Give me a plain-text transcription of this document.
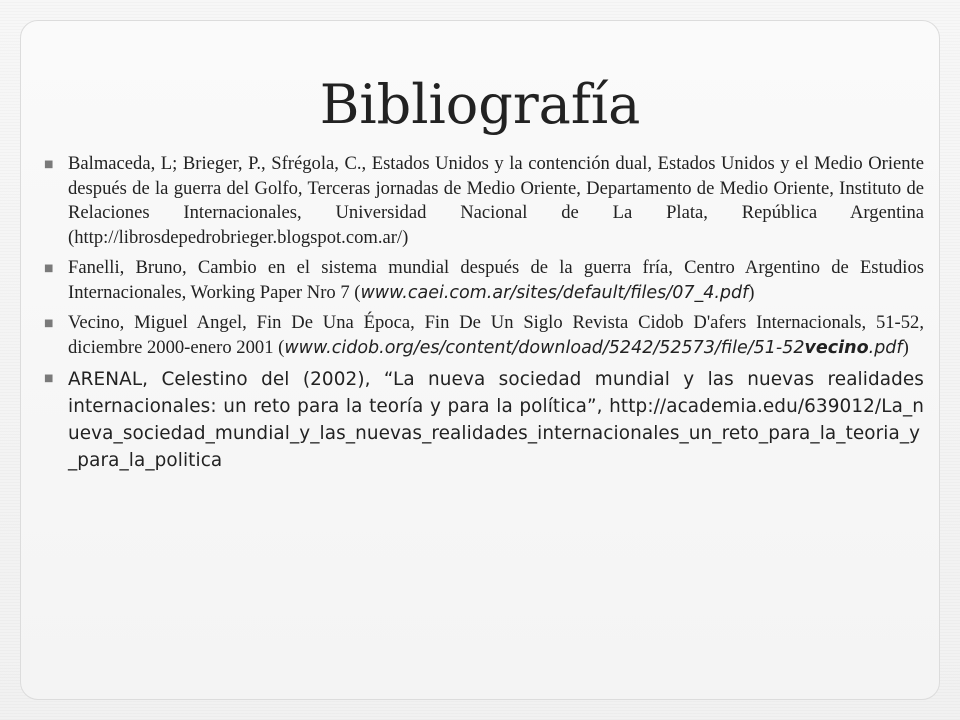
Bibliografía
■ Balmaceda, L; Brieger, P., Sfrégola, C., Estados Unidos y la contención dual, Estados Unidos y el Medio Oriente después de la guerra del Golfo, Terceras jornadas de Medio Oriente, Departamento de Medio Oriente, Instituto de Relaciones Internacionales, Universidad Nacional de La Plata, República Argentina (http://librosdepedrobrieger.blogspot.com.ar/)
■ Fanelli, Bruno, Cambio en el sistema mundial después de la guerra fría, Centro Argentino de Estudios Internacionales, Working Paper Nro 7 (www.caei.com.ar/sites/default/files/07_4.pdf)
■ Vecino, Miguel Angel, Fin De Una Época, Fin De Un Siglo Revista Cidob D'afers Internacionals, 51-52, diciembre 2000-enero 2001 (www.cidob.org/es/content/download/5242/52573/file/51-52vecino.pdf)
■ ARENAL, Celestino del (2002), “La nueva sociedad mundial y las nuevas realidades internacionales: un reto para la teoría y para la política”, http://academia.edu/639012/La_nueva_sociedad_mundial_y_las_nuevas_realidades_internacionales_un_reto_para_la_teoria_y_para_la_politica
